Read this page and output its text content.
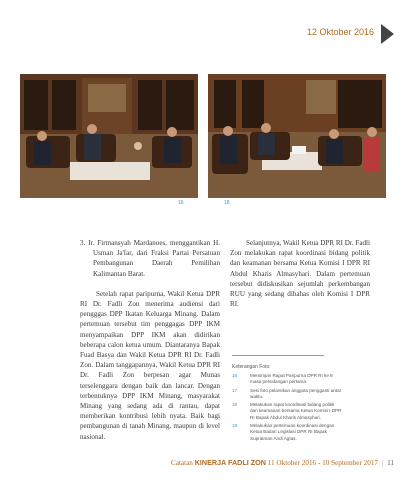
12 Oktober 2016
16	18

3. Ir. Firmansyah Mardanoes, menggantikan H. Usman Ja'far, dari Fraksi Partai Persatuan Pembangunan Daerah Pemilihan Kalimantan Barat.

Setelah rapat paripurna, Wakil Ketua DPR RI Dr. Fadli Zon menerima audiensi dari pengggas DPP Ikatan Keluarga Minang. Dalam pertemuan tersebut tim penggagas DPP IKM menyampaikan DPP IKM akan didirikan beberapa calon ketua umum. Diantaranya Bapak Fuad Basya dan Wakil Ketua DPR RI Dr. Fadli Zon. Dalam tanggapannya, Wakil Ketua DPR RI Dr. Fadli Zon berpesan agar Munas terselenggara dengan baik dan lancar. Dengan terbentuknya DPP IKM Minang, masyarakat Minang yang sedang ada di rantau, dapat memberikan kontribusi lebih nyata. Baik bagi pembangunan di tanah Minang, maupun di level nasional.

Selanjutnya, Wakil Ketua DPR RI Dr. Fadli Zon melakukan rapat koordinasi bidang politik dan keamanan bersama Ketua Komisi I DPR RI Abdul Kharis Almasyhari. Dalam pertemuan tersebut didiskusikan sejumlah perkembangan RUU yang sedang dibahas oleh Komisi I DPR RI.

Keterangan Foto:
16	Memimpin Rapat Paripurna DPR RI ke 8 masa persidangan pertama.
17	Sesi foto pelantikan anggota pengganti antar waktu.
18	Melakukan rapat koordinasi bidang politik dan keamanan bersama Ketua Komisi I DPR RI Bapak Abdul Kharis Almasyhari.
19	Melakukan pertemuan koordinasi dengan Ketua Badan Legislasi DPR RI Bapak Supratman Andi Agtas.
Catatan KINERJA FADLI ZON 11 Oktober 2016 - 10 September 2017 | 11
